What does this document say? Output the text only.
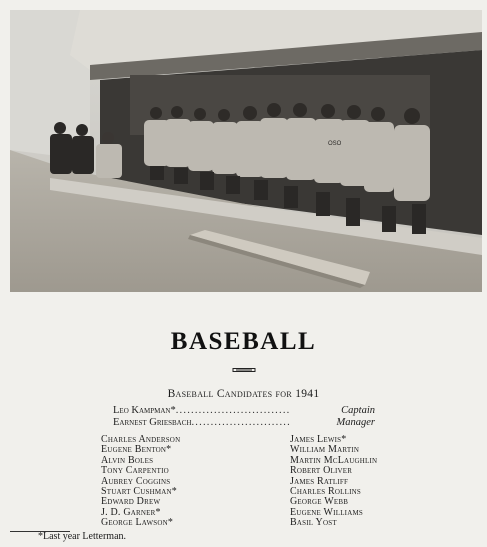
OSO
BASEBALL
Baseball Candidates for 1941
Leo Kampman* ..............................	Captain
Earnest Griesbach ..........................	Manager
Charles Anderson
Eugene Benton*
Alvin Boles
Tony Carpentio
Aubrey Coggins
Stuart Cushman*
Edward Drew
J. D. Garner*
George Lawson*
James Lewis*
William Martin
Martin McLaughlin
Robert Oliver
James Ratliff
Charles Rollins
George Webb
Eugene Williams
Basil Yost
*Last year Letterman.
